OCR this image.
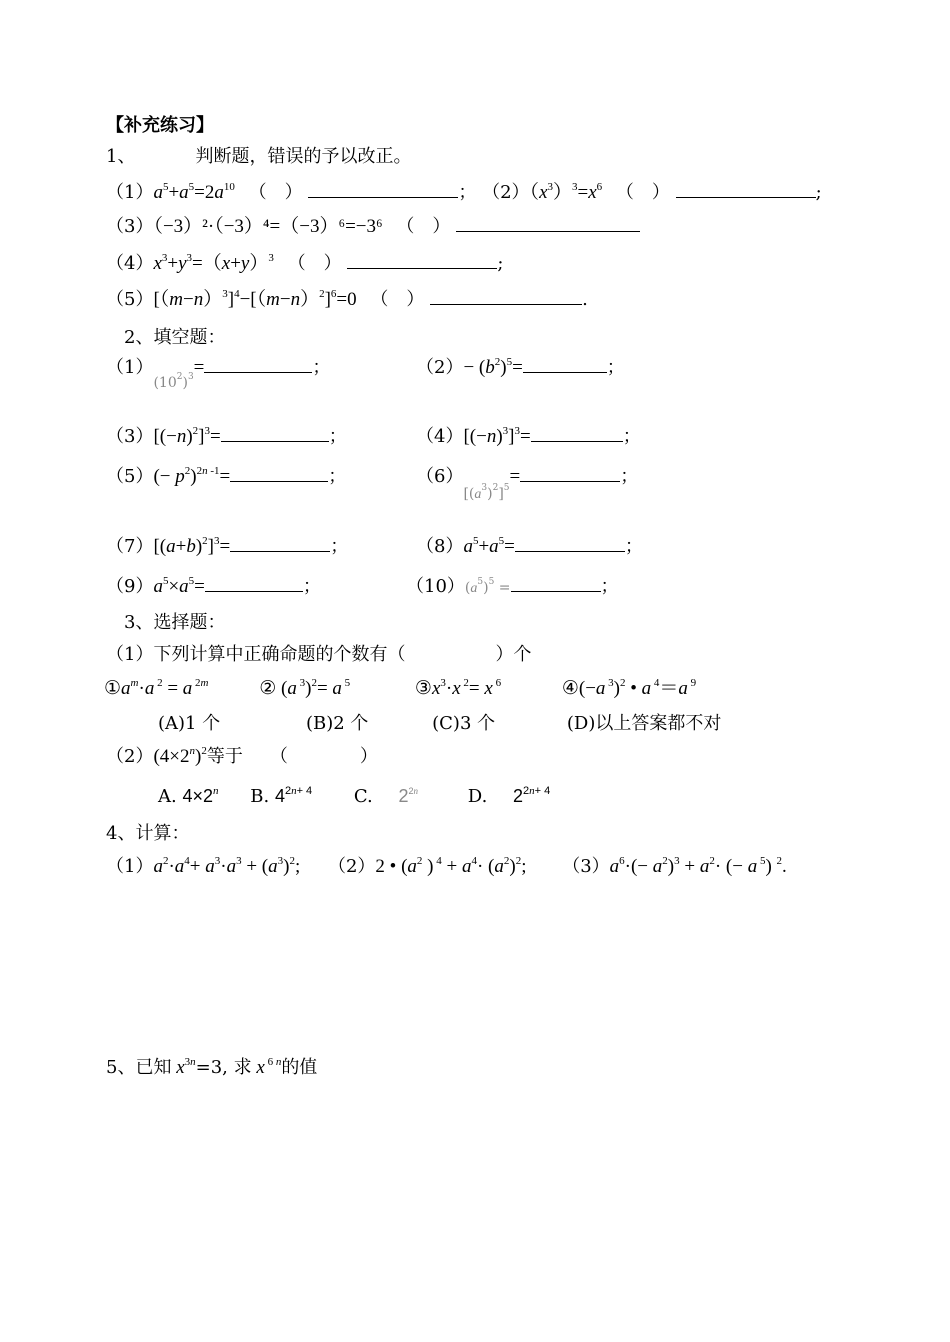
【补充练习】
1、	判断题，错误的予以改正。
$(1)a^5+a^5=2a^{10}$ （　）	； $(2)(x^3)^3=x^6$ （　）	;
（3）（−3）²·（−3）⁴=（−3）⁶=−3⁶ （　）
$(4)x^3+y^3=(x+y)^3$ （　）	;
$(5)[(m-n)^3]^4-[(m-n)^2]^6=0$ （　）	.
2、填空题：
$(1)_{(10^2)^3}=$	；	$(2)- (b^2)^5=$	；
$(3)[(-n)^2]^3=$	；	$(4)[(-n)^3]^3=$	；
$(5)(- p^2)^{2n -1}=$	；	$(6)_{[(a^3)^2]^5}=$	；
$(7)[(a+b)^2]^3=$	；	$(8)a^5+a^5=$	；
$(9)a^5\times a^5=$	；	$(10)(a^5)^5$ =	；
3、选择题：
（1）下列计算中正确命题的个数有（　　　　　）个
$①a^m\cdot a$ $^2$ = a $^{2m}$	② (a $^3$)$^2$= a $^5$	$③x^3\cdot x$ $^2$= x $^6$	④(−a $^3$)$^2$ • a $^4$＝a $^9$
(A)1 个	(B)2 个	(C)3 个	(D)以上答案都不对
$(2)(4\times 2^n)^2$等于　　（　　　　）
A. $4\times 2^n$ B. $4^{2n+ 4}$ C. $2^{2n}$	D. $2^{2n+ 4}$
4、计算：
$(1)a^2\cdot a^4+ a^3\cdot a^3 + (a^3)^2$; （2）2 • ($a^2$ ) $^4 + a^4\cdot (a^2)^2$; $(3)a^6\cdot(- a^2)^3 + a^2\cdot$ (− a $^5$) $^2$.
5、已知 $x^{3n}=3$, 求 x $^{6 n}$的值
